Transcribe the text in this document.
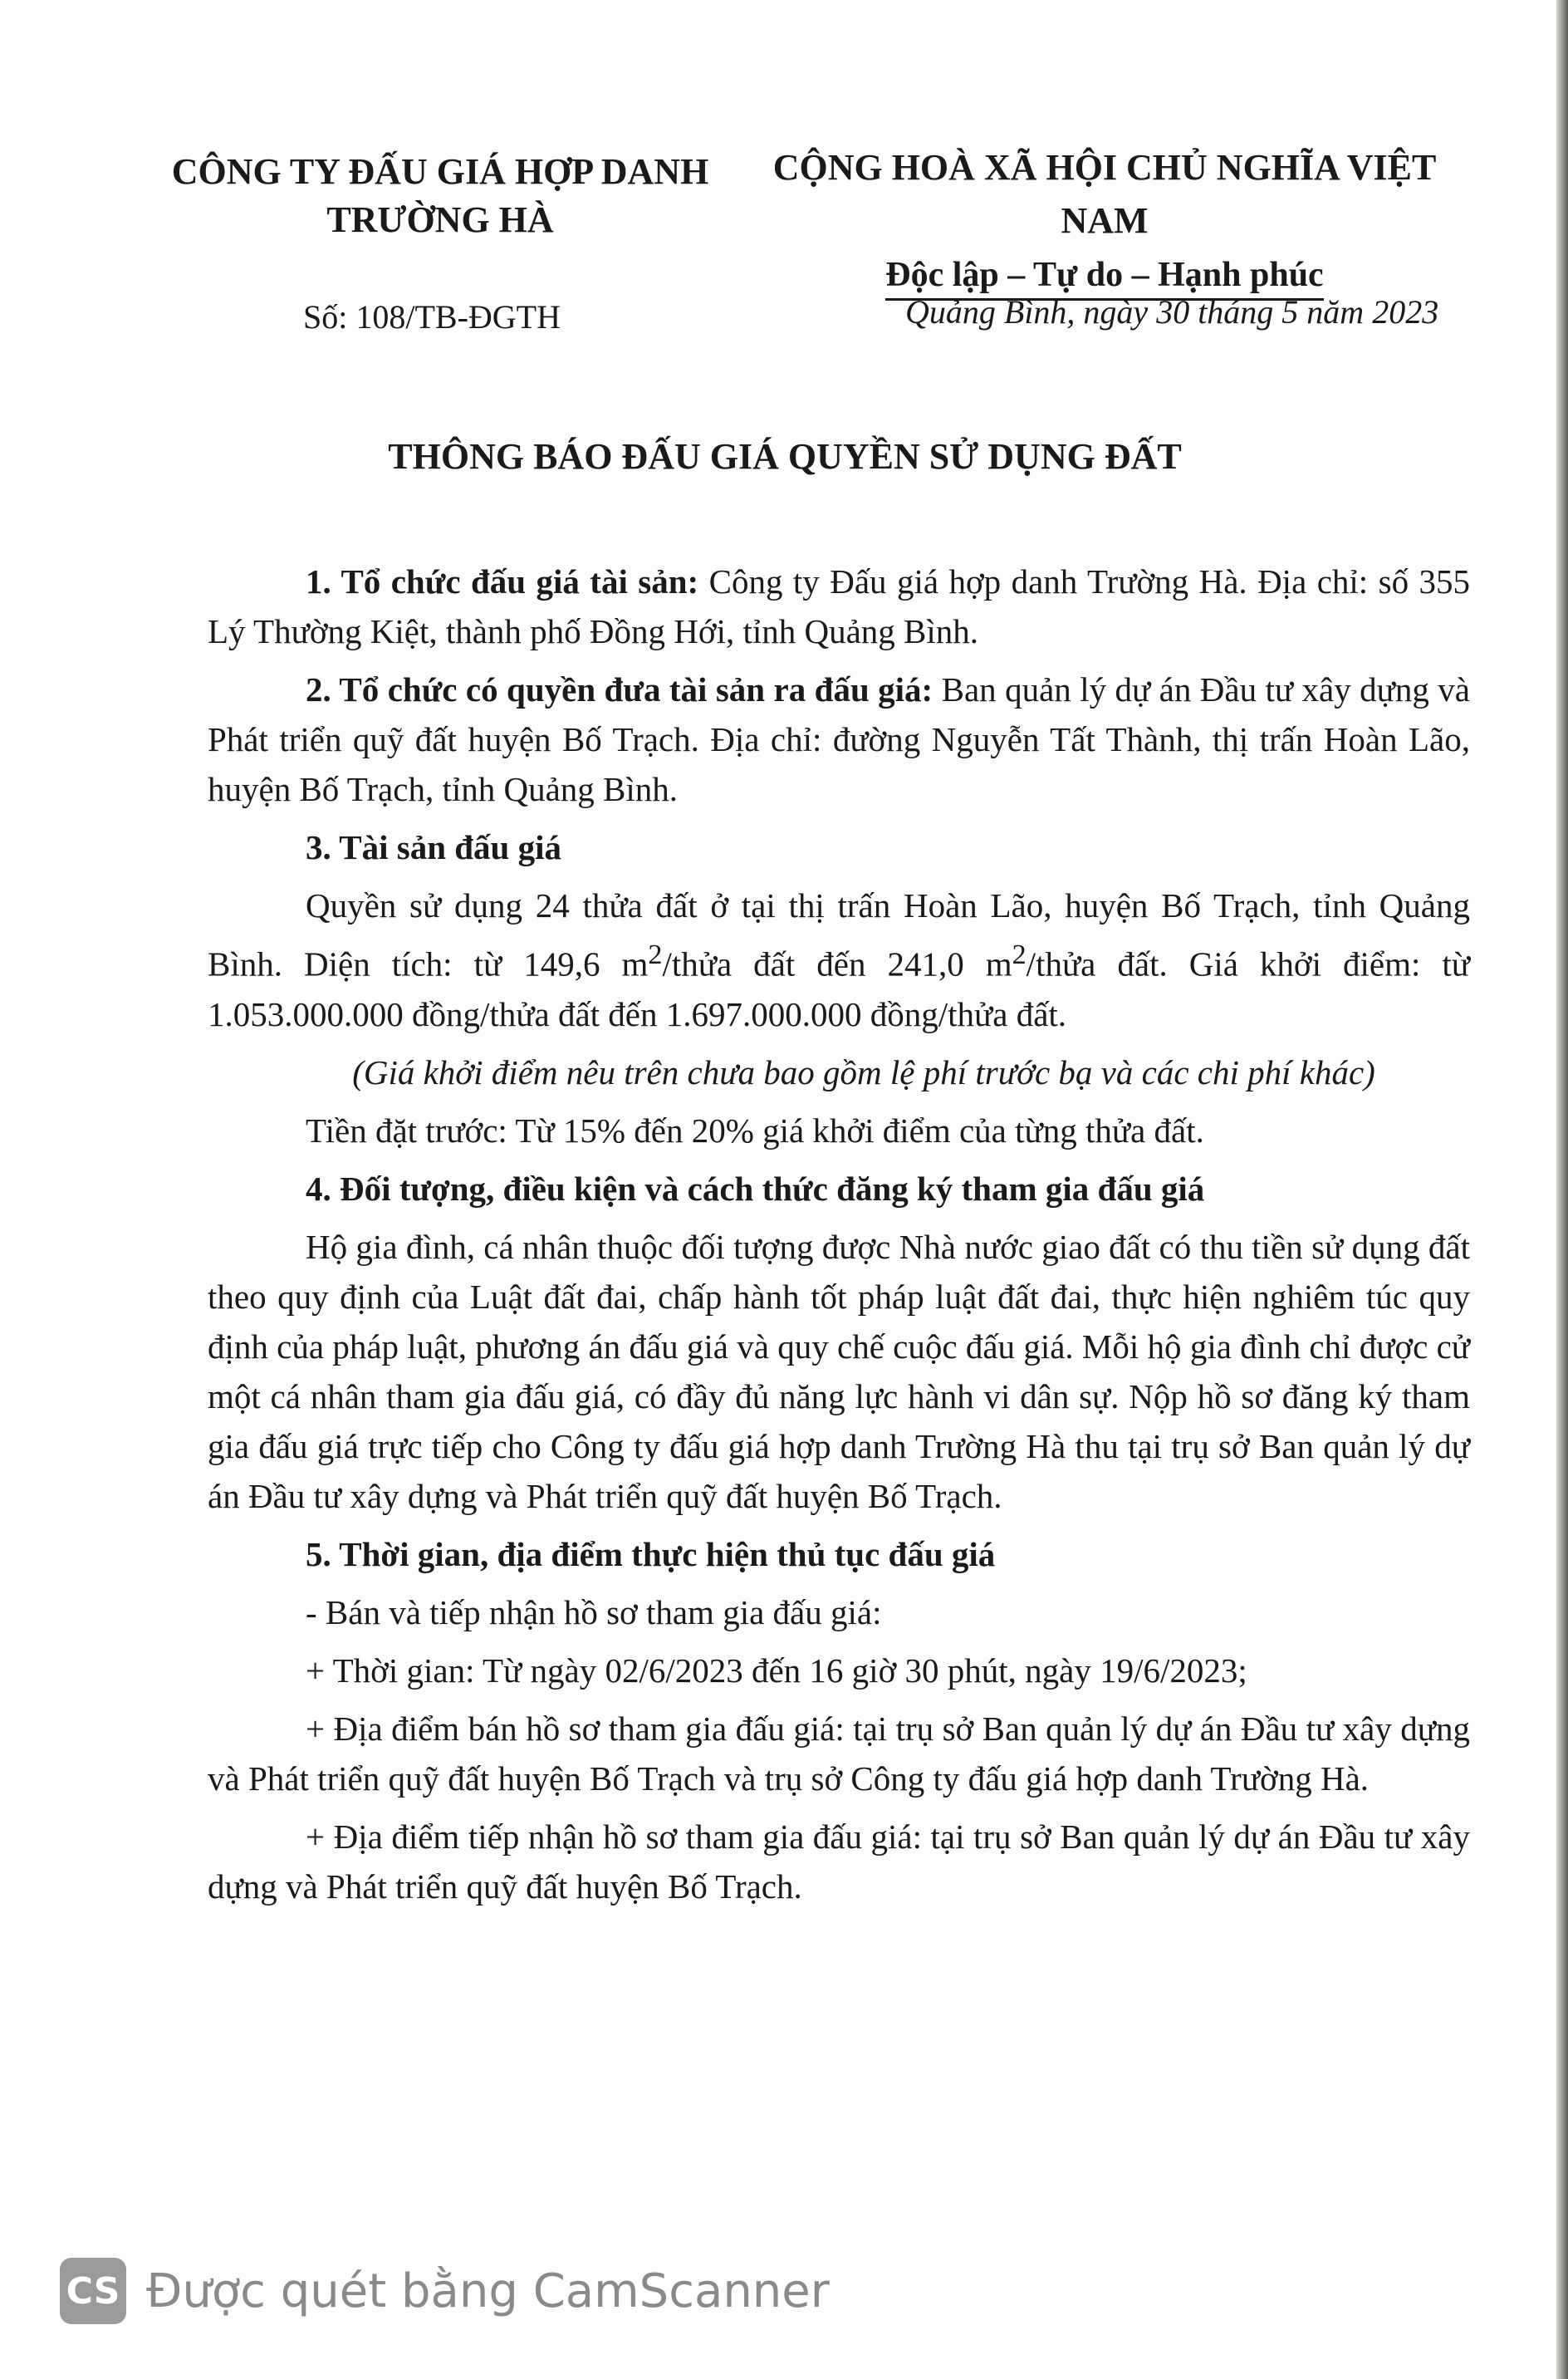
CÔNG TY ĐẤU GIÁ HỢP DANH
TRƯỜNG HÀ
CỘNG HOÀ XÃ HỘI CHỦ NGHĨA VIỆT NAM
Độc lập – Tự do – Hạnh phúc
Số: 108/TB-ĐGTH	Quảng Bình, ngày 30 tháng 5 năm 2023
THÔNG BÁO ĐẤU GIÁ QUYỀN SỬ DỤNG ĐẤT

1. Tổ chức đấu giá tài sản: Công ty Đấu giá hợp danh Trường Hà. Địa chỉ: số 355 Lý Thường Kiệt, thành phố Đồng Hới, tỉnh Quảng Bình.

2. Tổ chức có quyền đưa tài sản ra đấu giá: Ban quản lý dự án Đầu tư xây dựng và Phát triển quỹ đất huyện Bố Trạch. Địa chỉ: đường Nguyễn Tất Thành, thị trấn Hoàn Lão, huyện Bố Trạch, tỉnh Quảng Bình.

3. Tài sản đấu giá

Quyền sử dụng 24 thửa đất ở tại thị trấn Hoàn Lão, huyện Bố Trạch, tỉnh Quảng Bình. Diện tích: từ 149,6 $m^2$/thửa đất đến 241,0 $m^2$/thửa đất. Giá khởi điểm: từ 1.053.000.000 đồng/thửa đất đến 1.697.000.000 đồng/thửa đất.

(Giá khởi điểm nêu trên chưa bao gồm lệ phí trước bạ và các chi phí khác)

Tiền đặt trước: Từ 15% đến 20% giá khởi điểm của từng thửa đất.

4. Đối tượng, điều kiện và cách thức đăng ký tham gia đấu giá

Hộ gia đình, cá nhân thuộc đối tượng được Nhà nước giao đất có thu tiền sử dụng đất theo quy định của Luật đất đai, chấp hành tốt pháp luật đất đai, thực hiện nghiêm túc quy định của pháp luật, phương án đấu giá và quy chế cuộc đấu giá. Mỗi hộ gia đình chỉ được cử một cá nhân tham gia đấu giá, có đầy đủ năng lực hành vi dân sự. Nộp hồ sơ đăng ký tham gia đấu giá trực tiếp cho Công ty đấu giá hợp danh Trường Hà thu tại trụ sở Ban quản lý dự án Đầu tư xây dựng và Phát triển quỹ đất huyện Bố Trạch.

5. Thời gian, địa điểm thực hiện thủ tục đấu giá

- Bán và tiếp nhận hồ sơ tham gia đấu giá:

+ Thời gian: Từ ngày 02/6/2023 đến 16 giờ 30 phút, ngày 19/6/2023;

+ Địa điểm bán hồ sơ tham gia đấu giá: tại trụ sở Ban quản lý dự án Đầu tư xây dựng và Phát triển quỹ đất huyện Bố Trạch và trụ sở Công ty đấu giá hợp danh Trường Hà.

+ Địa điểm tiếp nhận hồ sơ tham gia đấu giá: tại trụ sở Ban quản lý dự án Đầu tư xây dựng và Phát triển quỹ đất huyện Bố Trạch.

CS Được quét bằng CamScanner
